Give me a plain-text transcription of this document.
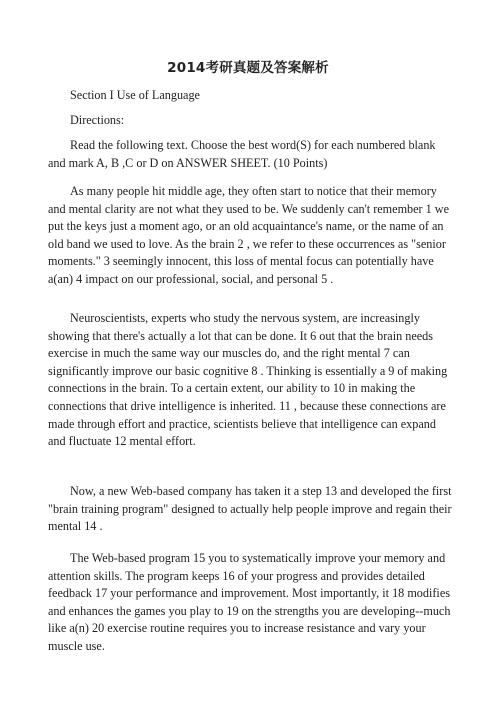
2014考研真题及答案解析
Section I Use of Language
Directions:
Read the following text. Choose the best word(S) for each numbered blank and mark A, B ,C or D on ANSWER SHEET. (10 Points)
As many people hit middle age, they often start to notice that their memory and mental clarity are not what they used to be. We suddenly can't remember 1 we put the keys just a moment ago, or an old acquaintance's name, or the name of an old band we used to love. As the brain 2 , we refer to these occurrences as "senior moments." 3 seemingly innocent, this loss of mental focus can potentially have a(an) 4 impact on our professional, social, and personal 5 .
Neuroscientists, experts who study the nervous system, are increasingly showing that there's actually a lot that can be done. It 6 out that the brain needs exercise in much the same way our muscles do, and the right mental 7 can significantly improve our basic cognitive 8 . Thinking is essentially a 9 of making connections in the brain. To a certain extent, our ability to 10 in making the connections that drive intelligence is inherited. 11 , because these connections are made through effort and practice, scientists believe that intelligence can expand and fluctuate 12 mental effort.
Now, a new Web-based company has taken it a step 13 and developed the first "brain training program" designed to actually help people improve and regain their mental 14 .
The Web-based program 15 you to systematically improve your memory and attention skills. The program keeps 16 of your progress and provides detailed feedback 17 your performance and improvement. Most importantly, it 18 modifies and enhances the games you play to 19 on the strengths you are developing--much like a(n) 20 exercise routine requires you to increase resistance and vary your muscle use.
